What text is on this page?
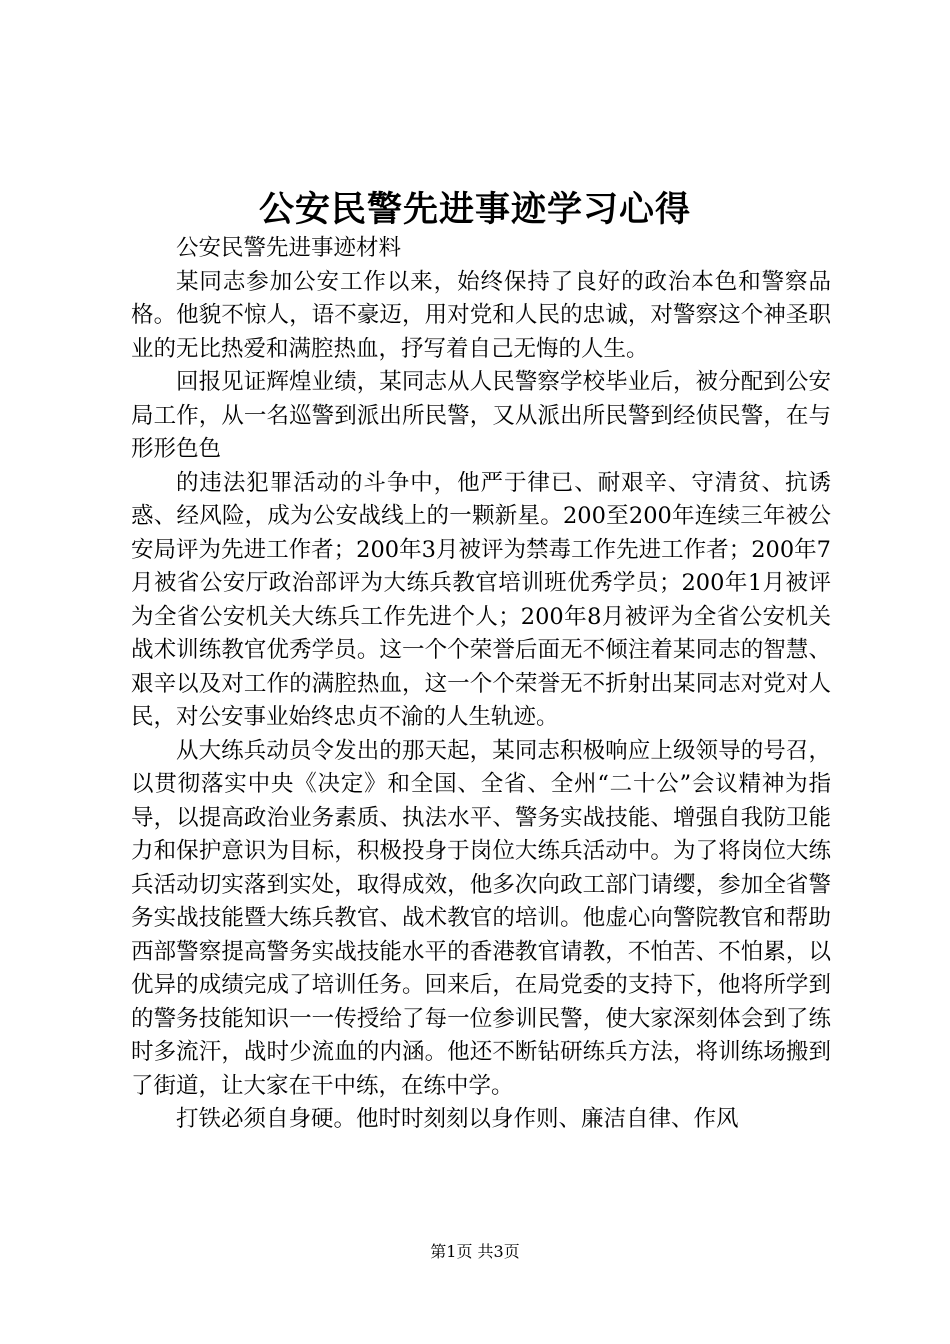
公安民警先进事迹学习心得

公安民警先进事迹材料

某同志参加公安工作以来，始终保持了良好的政治本色和警察品格。他貌不惊人，语不豪迈，用对党和人民的忠诚，对警察这个神圣职业的无比热爱和满腔热血，抒写着自己无悔的人生。

回报见证辉煌业绩，某同志从人民警察学校毕业后，被分配到公安局工作，从一名巡警到派出所民警，又从派出所民警到经侦民警，在与形形色色

的违法犯罪活动的斗争中，他严于律已、耐艰辛、守清贫、抗诱惑、经风险，成为公安战线上的一颗新星。200至200年连续三年被公安局评为先进工作者；200年3月被评为禁毒工作先进工作者；200年7月被省公安厅政治部评为大练兵教官培训班优秀学员；200年1月被评为全省公安机关大练兵工作先进个人；200年8月被评为全省公安机关战术训练教官优秀学员。这一个个荣誉后面无不倾注着某同志的智慧、艰辛以及对工作的满腔热血，这一个个荣誉无不折射出某同志对党对人民，对公安事业始终忠贞不渝的人生轨迹。

从大练兵动员令发出的那天起，某同志积极响应上级领导的号召，以贯彻落实中央《决定》和全国、全省、全州“二十公”会议精神为指导，以提高政治业务素质、执法水平、警务实战技能、增强自我防卫能力和保护意识为目标，积极投身于岗位大练兵活动中。为了将岗位大练兵活动切实落到实处，取得成效，他多次向政工部门请缨，参加全省警务实战技能暨大练兵教官、战术教官的培训。他虚心向警院教官和帮助西部警察提高警务实战技能水平的香港教官请教，不怕苦、不怕累，以优异的成绩完成了培训任务。回来后，在局党委的支持下，他将所学到的警务技能知识一一传授给了每一位参训民警，使大家深刻体会到了练时多流汗，战时少流血的内涵。他还不断钻研练兵方法，将训练场搬到了街道，让大家在干中练，在练中学。

打铁必须自身硬。他时时刻刻以身作则、廉洁自律、作风

第1页 共3页
